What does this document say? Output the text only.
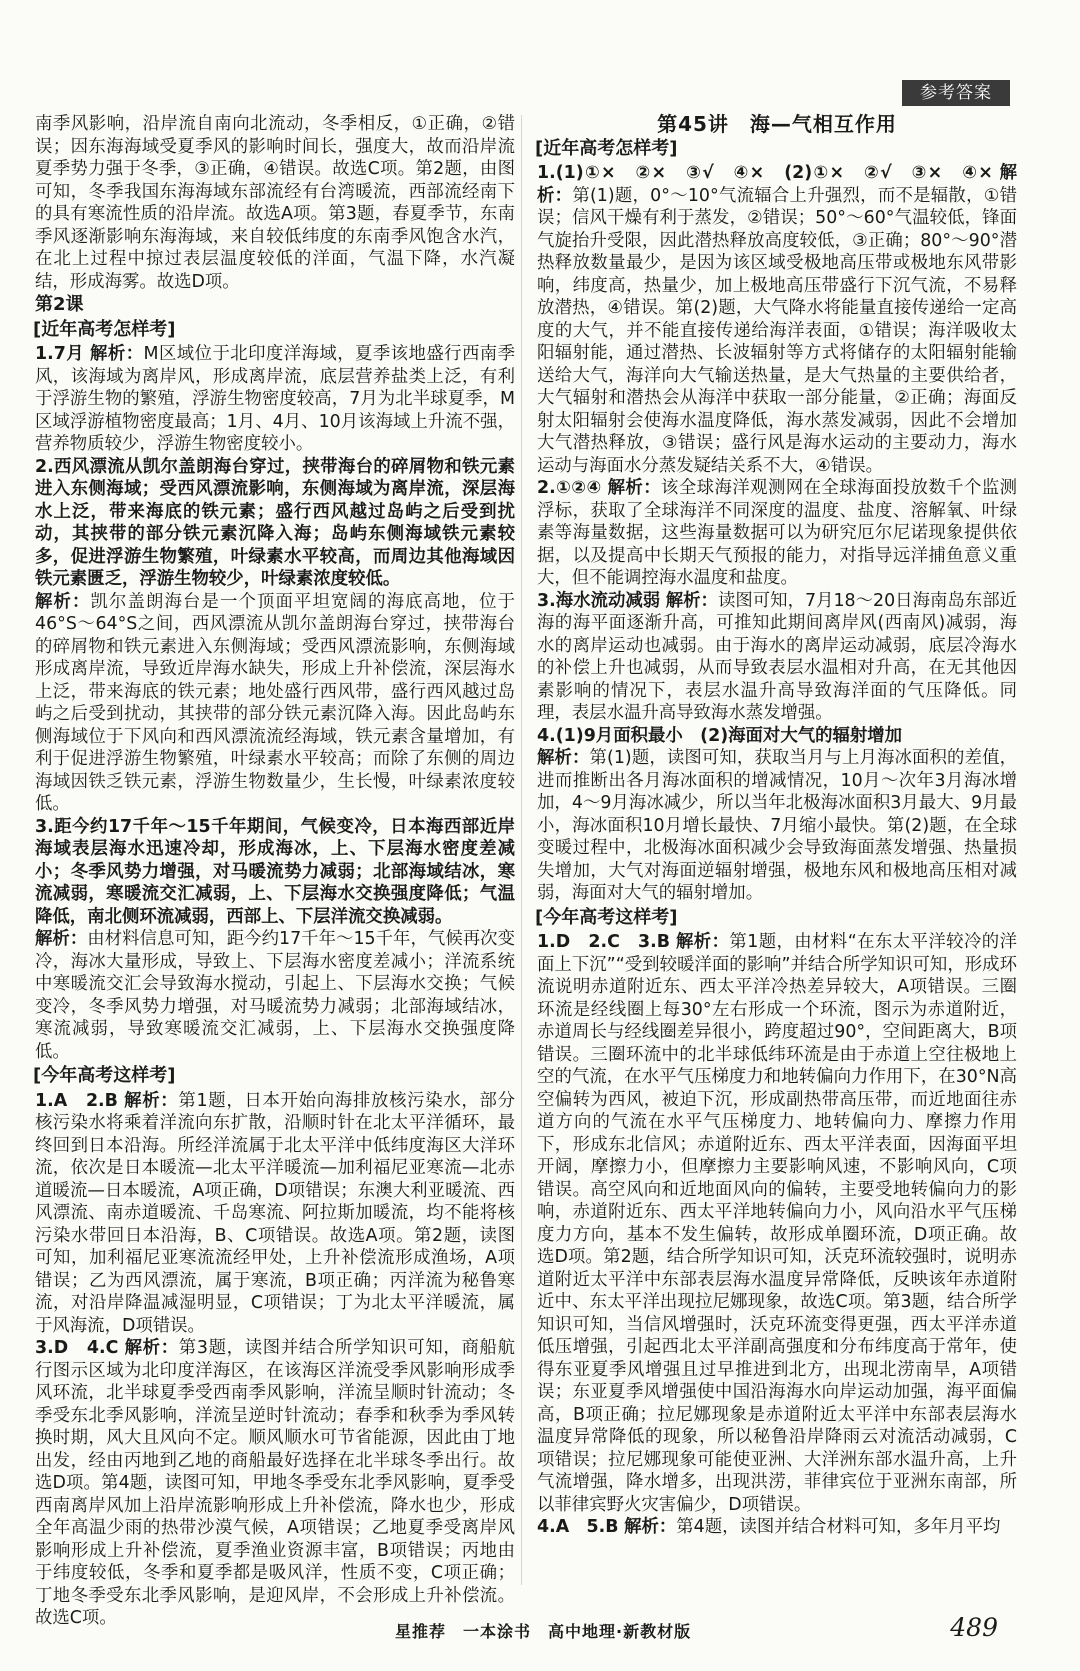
参考答案

南季风影响，沿岸流自南向北流动，冬季相反，①正确，②错误；因东海海域受夏季风的影响时间长，强度大，故而沿岸流夏季势力强于冬季，③正确，④错误。故选C项。第2题，由图可知，冬季我国东海海域东部流经有台湾暖流，西部流经南下的具有寒流性质的沿岸流。故选A项。第3题，春夏季节，东南季风逐渐影响东海海域，来自较低纬度的东南季风饱含水汽，在北上过程中掠过表层温度较低的洋面，气温下降，水汽凝结，形成海雾。故选D项。

第2课
[近年高考怎样考]

1.7月 解析：M区域位于北印度洋海域，夏季该地盛行西南季风，该海域为离岸风，形成离岸流，底层营养盐类上泛，有利于浮游生物的繁殖，浮游生物密度较高，7月为北半球夏季，M区域浮游植物密度最高；1月、4月、10月该海域上升流不强，营养物质较少，浮游生物密度较小。

2.西风漂流从凯尔盖朗海台穿过，挟带海台的碎屑物和铁元素进入东侧海域；受西风漂流影响，东侧海域为离岸流，深层海水上泛，带来海底的铁元素；盛行西风越过岛屿之后受到扰动，其挟带的部分铁元素沉降入海；岛屿东侧海域铁元素较多，促进浮游生物繁殖，叶绿素水平较高，而周边其他海域因铁元素匮乏，浮游生物较少，叶绿素浓度较低。

解析：凯尔盖朗海台是一个顶面平坦宽阔的海底高地，位于46°S～64°S之间，西风漂流从凯尔盖朗海台穿过，挟带海台的碎屑物和铁元素进入东侧海域；受西风漂流影响，东侧海域形成离岸流，导致近岸海水缺失，形成上升补偿流，深层海水上泛，带来海底的铁元素；地处盛行西风带，盛行西风越过岛屿之后受到扰动，其挟带的部分铁元素沉降入海。因此岛屿东侧海域位于下风向和西风漂流流经海域，铁元素含量增加，有利于促进浮游生物繁殖，叶绿素水平较高；而除了东侧的周边海域因铁乏铁元素，浮游生物数量少，生长慢，叶绿素浓度较低。

3.距今约17千年～15千年期间，气候变冷，日本海西部近岸海域表层海水迅速冷却，形成海冰，上、下层海水密度差减小；冬季风势力增强，对马暖流势力减弱；北部海域结冰，寒流减弱，寒暖流交汇减弱，上、下层海水交换强度降低；气温降低，南北侧环流减弱，西部上、下层洋流交换减弱。

解析：由材料信息可知，距今约17千年～15千年，气候再次变冷，海冰大量形成，导致上、下层海水密度差减小；洋流系统中寒暖流交汇会导致海水搅动，引起上、下层海水交换；气候变冷，冬季风势力增强，对马暖流势力减弱；北部海域结冰，寒流减弱，导致寒暖流交汇减弱，上、下层海水交换强度降低。

[今年高考这样考]

1.A　2.B 解析：第1题，日本开始向海排放核污染水，部分核污染水将乘着洋流向东扩散，沿顺时针在北太平洋循环，最终回到日本沿海。所经洋流属于北太平洋中低纬度海区大洋环流，依次是日本暖流—北太平洋暖流—加利福尼亚寒流—北赤道暖流—日本暖流，A项正确，D项错误；东澳大利亚暖流、西风漂流、南赤道暖流、千岛寒流、阿拉斯加暖流，均不能将核污染水带回日本沿海，B、C项错误。故选A项。第2题，读图可知，加利福尼亚寒流流经甲处，上升补偿流形成渔场，A项错误；乙为西风漂流，属于寒流，B项正确；丙洋流为秘鲁寒流，对沿岸降温减湿明显，C项错误；丁为北太平洋暖流，属于风海流，D项错误。

3.D　4.C 解析：第3题，读图并结合所学知识可知，商船航行图示区域为北印度洋海区，在该海区洋流受季风影响形成季风环流，北半球夏季受西南季风影响，洋流呈顺时针流动；冬季受东北季风影响，洋流呈逆时针流动；春季和秋季为季风转换时期，风大且风向不定。顺风顺水可节省能源，因此由丁地出发，经由丙地到乙地的商船最好选择在北半球冬季出行。故选D项。第4题，读图可知，甲地冬季受东北季风影响，夏季受西南离岸风加上沿岸流影响形成上升补偿流，降水也少，形成全年高温少雨的热带沙漠气候，A项错误；乙地夏季受离岸风影响形成上升补偿流，夏季渔业资源丰富，B项错误；丙地由于纬度较低，冬季和夏季都是吸风洋，性质不变，C项正确；丁地冬季受东北季风影响，是迎风岸，不会形成上升补偿流。故选C项。

第45讲　海—气相互作用
[近年高考怎样考]

1.(1)①×　②×　③√　④×　(2)①×　②√　③×　④× 解析：第(1)题，0°～10°气流辐合上升强烈，而不是辐散，①错误；信风干燥有利于蒸发，②错误；50°～60°气温较低，锋面气旋抬升受限，因此潜热释放高度较低，③正确；80°～90°潜热释放数量最少，是因为该区域受极地高压带或极地东风带影响，纬度高，热量少，加上极地高压带盛行下沉气流，不易释放潜热，④错误。第(2)题，大气降水将能量直接传递给一定高度的大气，并不能直接传递给海洋表面，①错误；海洋吸收太阳辐射能，通过潜热、长波辐射等方式将储存的太阳辐射能输送给大气，海洋向大气输送热量，是大气热量的主要供给者，大气辐射和潜热会从海洋中获取一部分能量，②正确；海面反射太阳辐射会使海水温度降低，海水蒸发减弱，因此不会增加大气潜热释放，③错误；盛行风是海水运动的主要动力，海水运动与海面水分蒸发疑结关系不大，④错误。

2.①②④ 解析：该全球海洋观测网在全球海面投放数千个监测浮标，获取了全球海洋不同深度的温度、盐度、溶解氧、叶绿素等海量数据，这些海量数据可以为研究厄尔尼诺现象提供依据，以及提高中长期天气预报的能力，对指导远洋捕鱼意义重大，但不能调控海水温度和盐度。

3.海水流动减弱 解析：读图可知，7月18～20日海南岛东部近海的海平面逐渐升高，可推知此期间离岸风(西南风)减弱，海水的离岸运动也减弱。由于海水的离岸运动减弱，底层冷海水的补偿上升也减弱，从而导致表层水温相对升高，在无其他因素影响的情况下，表层水温升高导致海洋面的气压降低。同理，表层水温升高导致海水蒸发增强。

4.(1)9月面积最小　(2)海面对大气的辐射增加

解析：第(1)题，读图可知，获取当月与上月海冰面积的差值，进而推断出各月海冰面积的增减情况，10月～次年3月海冰增加，4～9月海冰减少，所以当年北极海冰面积3月最大、9月最小，海冰面积10月增长最快、7月缩小最快。第(2)题，在全球变暖过程中，北极海冰面积减少会导致海面蒸发增强、热量损失增加，大气对海面逆辐射增强，极地东风和极地高压相对减弱，海面对大气的辐射增加。

[今年高考这样考]

1.D　2.C　3.B 解析：第1题，由材料“在东太平洋较冷的洋面上下沉”“受到较暖洋面的影响”并结合所学知识可知，形成环流说明赤道附近东、西太平洋冷热差异较大，A项错误。三圈环流是经线圈上每30°左右形成一个环流，图示为赤道附近，赤道周长与经线圈差异很小，跨度超过90°，空间距离大，B项错误。三圈环流中的北半球低纬环流是由于赤道上空往极地上空的气流，在水平气压梯度力和地转偏向力作用下，在30°N高空偏转为西风，被迫下沉，形成副热带高压带，而近地面往赤道方向的气流在水平气压梯度力、地转偏向力、摩擦力作用下，形成东北信风；赤道附近东、西太平洋表面，因海面平坦开阔，摩擦力小，但摩擦力主要影响风速，不影响风向，C项错误。高空风向和近地面风向的偏转，主要受地转偏向力的影响，赤道附近东、西太平洋地转偏向力小，风向沿水平气压梯度力方向，基本不发生偏转，故形成单圈环流，D项正确。故选D项。第2题，结合所学知识可知，沃克环流较强时，说明赤道附近太平洋中东部表层海水温度异常降低，反映该年赤道附近中、东太平洋出现拉尼娜现象，故选C项。第3题，结合所学知识可知，当信风增强时，沃克环流变得更强，西太平洋赤道低压增强，引起西北太平洋副高强度和分布纬度高于常年，使得东亚夏季风增强且过早推进到北方，出现北涝南旱，A项错误；东亚夏季风增强使中国沿海海水向岸运动加强，海平面偏高，B项正确；拉尼娜现象是赤道附近太平洋中东部表层海水温度异常降低的现象，所以秘鲁沿岸降雨云对流活动减弱，C项错误；拉尼娜现象可能使亚洲、大洋洲东部水温升高，上升气流增强，降水增多，出现洪涝，菲律宾位于亚洲东南部，所以菲律宾野火灾害偏少，D项错误。

4.A　5.B 解析：第4题，读图并结合材料可知，多年月平均

星推荐　一本涂书　高中地理·新教材版	489
